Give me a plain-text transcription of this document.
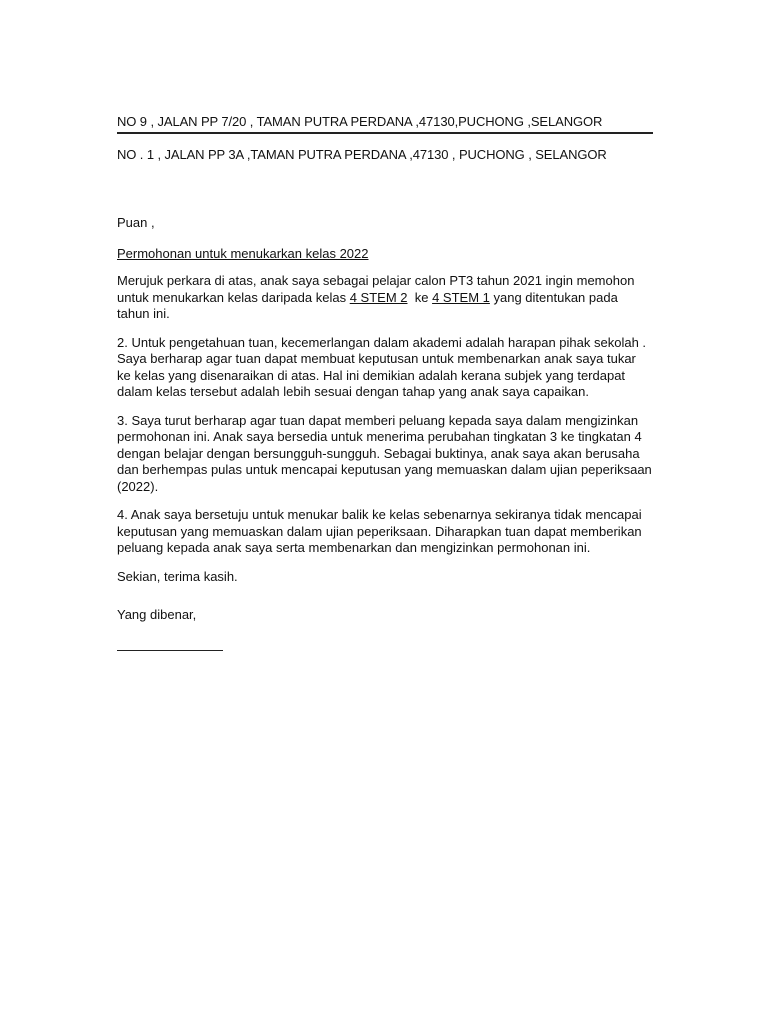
NO 9 , JALAN PP 7/20 , TAMAN PUTRA PERDANA ,47130,PUCHONG ,SELANGOR
NO . 1 , JALAN PP 3A ,TAMAN PUTRA PERDANA ,47130 , PUCHONG , SELANGOR
Puan ,
Permohonan untuk menukarkan kelas 2022
Merujuk perkara di atas, anak saya sebagai pelajar calon PT3 tahun 2021 ingin memohon untuk menukarkan kelas daripada kelas 4 STEM 2  ke 4 STEM 1 yang ditentukan pada tahun ini.
2. Untuk pengetahuan tuan, kecemerlangan dalam akademi adalah harapan pihak sekolah . Saya berharap agar tuan dapat membuat keputusan untuk membenarkan anak saya tukar ke kelas yang disenaraikan di atas. Hal ini demikian adalah kerana subjek yang terdapat dalam kelas tersebut adalah lebih sesuai dengan tahap yang anak saya capaikan.
3. Saya turut berharap agar tuan dapat memberi peluang kepada saya dalam mengizinkan permohonan ini. Anak saya bersedia untuk menerima perubahan tingkatan 3 ke tingkatan 4 dengan belajar dengan bersungguh-sungguh. Sebagai buktinya, anak saya akan berusaha dan berhempas pulas untuk mencapai keputusan yang memuaskan dalam ujian peperiksaan (2022).
4. Anak saya bersetuju untuk menukar balik ke kelas sebenarnya sekiranya tidak mencapai keputusan yang memuaskan dalam ujian peperiksaan. Diharapkan tuan dapat memberikan peluang kepada anak saya serta membenarkan dan mengizinkan permohonan ini.
Sekian, terima kasih.
Yang dibenar,
